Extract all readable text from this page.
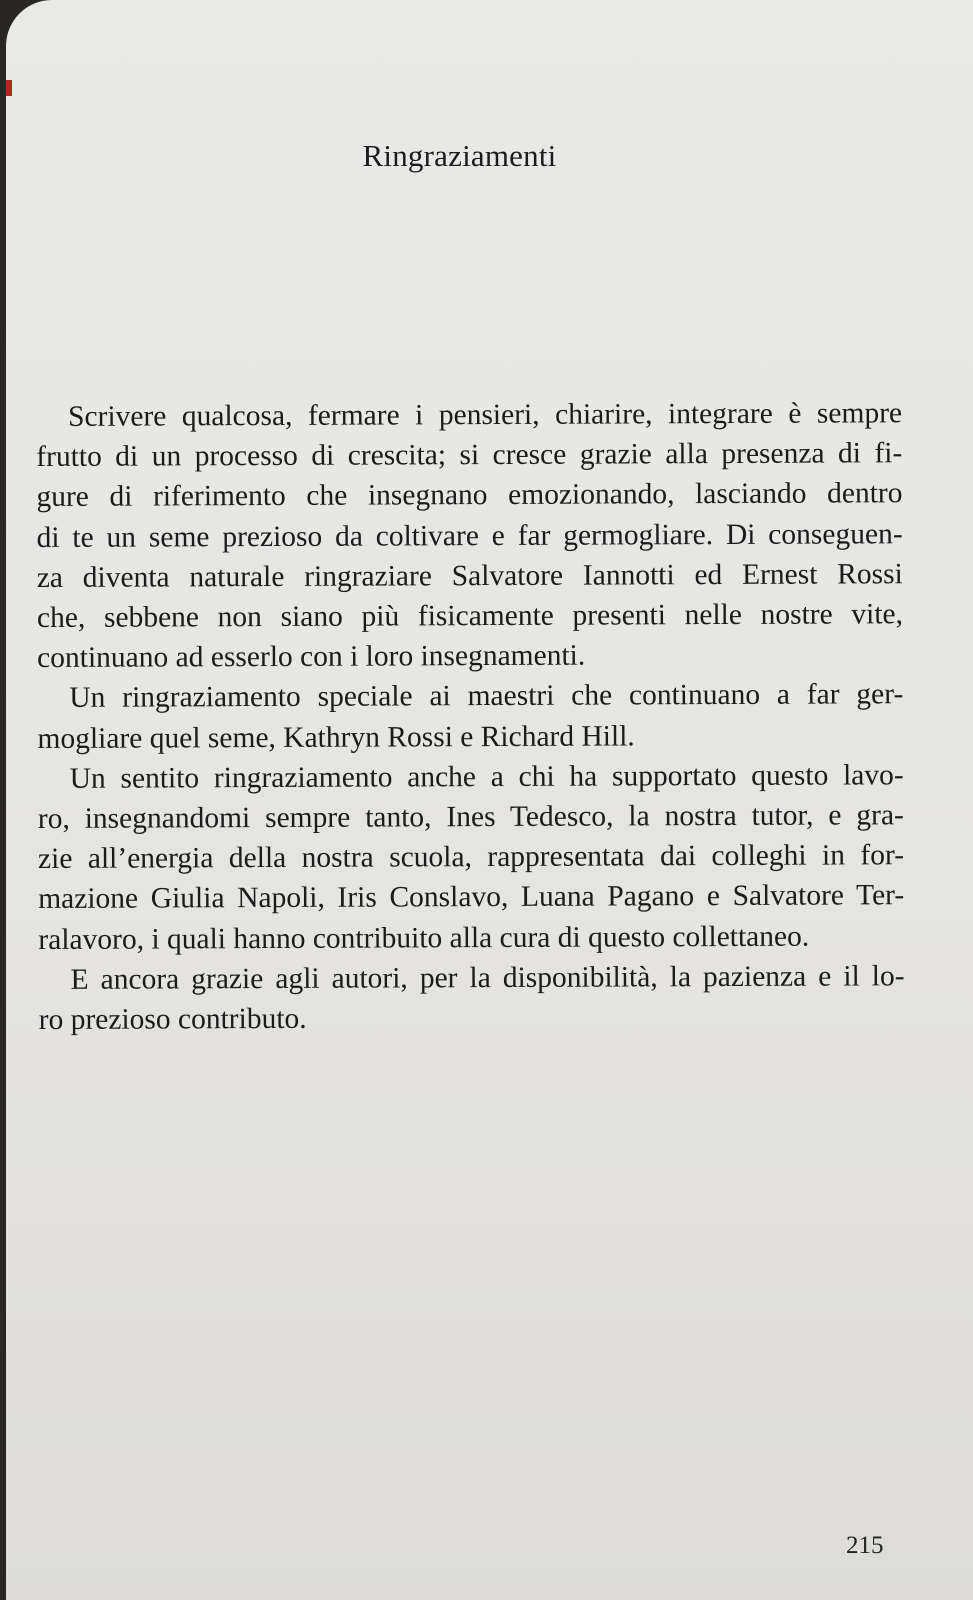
Ringraziamenti
Scrivere qualcosa, fermare i pensieri, chiarire, integrare è sempre
frutto di un processo di crescita; si cresce grazie alla presenza di fi-
gure di riferimento che insegnano emozionando, lasciando dentro
di te un seme prezioso da coltivare e far germogliare. Di conseguen-
za diventa naturale ringraziare Salvatore Iannotti ed Ernest Rossi
che, sebbene non siano più fisicamente presenti nelle nostre vite,
continuano ad esserlo con i loro insegnamenti.
Un ringraziamento speciale ai maestri che continuano a far ger-
mogliare quel seme, Kathryn Rossi e Richard Hill.
Un sentito ringraziamento anche a chi ha supportato questo lavo-
ro, insegnandomi sempre tanto, Ines Tedesco, la nostra tutor, e gra-
zie all’energia della nostra scuola, rappresentata dai colleghi in for-
mazione Giulia Napoli, Iris Conslavo, Luana Pagano e Salvatore Ter-
ralavoro, i quali hanno contribuito alla cura di questo collettaneo.
E ancora grazie agli autori, per la disponibilità, la pazienza e il lo-
ro prezioso contributo.
215
